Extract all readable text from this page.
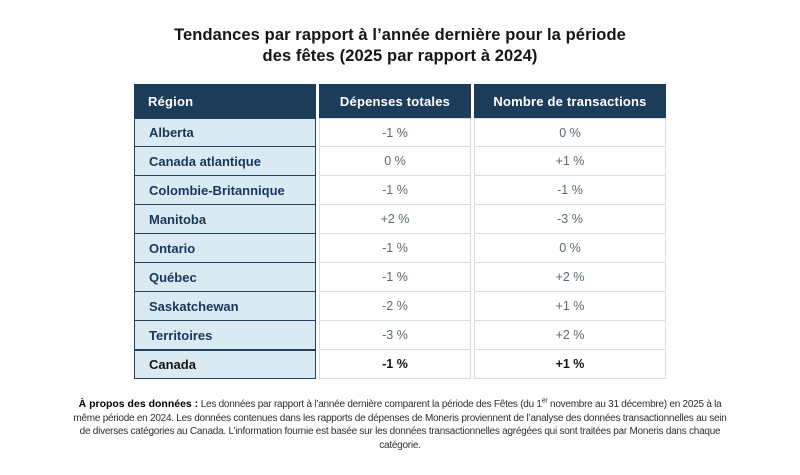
Tendances par rapport à l’année dernière pour la période
des fêtes (2025 par rapport à 2024)
Région	Dépenses totales	Nombre de transactions
Alberta	-1 %	0 %
Canada atlantique	0 %	+1 %
Colombie-Britannique	-1 %	-1 %
Manitoba	+2 %	-3 %
Ontario	-1 %	0 %
Québec	-1 %	+2 %
Saskatchewan	-2 %	+1 %
Territoires	-3 %	+2 %
Canada	-1 %	+1 %

À propos des données : Les données par rapport à l’année dernière comparent la période des Fêtes (du 1er novembre au 31 décembre) en 2025 à la même période en 2024. Les données contenues dans les rapports de dépenses de Moneris proviennent de l’analyse des données transactionnelles au sein de diverses catégories au Canada. L’information fournie est basée sur les données transactionnelles agrégées qui sont traitées par Moneris dans chaque catégorie.
